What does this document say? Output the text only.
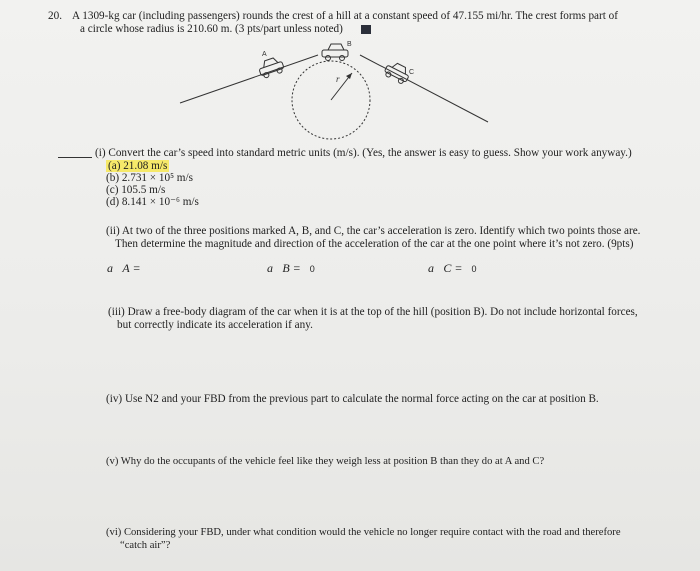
20. A 1309-kg car (including passengers) rounds the crest of a hill at a constant speed of 47.155 mi/hr. The crest forms part of
a circle whose radius is 210.60 m. (3 pts/part unless noted)
A
B
C
r
(i) Convert the car’s speed into standard metric units (m/s). (Yes, the answer is easy to guess. Show your work anyway.)
(a) 21.08 m/s
(b) 2.731 × 10⁵ m/s
(c) 105.5 m/s
(d) 8.141 × 10⁻⁶ m/s
(ii) At two of the three positions marked A, B, and C, the car’s acceleration is zero. Identify which two points those are.
Then determine the magnitude and direction of the acceleration of the car at the one point where it’s not zero. (9pts)
a⃗A =	a⃗B = 0	a⃗C = 0
(iii) Draw a free-body diagram of the car when it is at the top of the hill (position B). Do not include horizontal forces,
but correctly indicate its acceleration if any.
(iv) Use N2 and your FBD from the previous part to calculate the normal force acting on the car at position B.
(v) Why do the occupants of the vehicle feel like they weigh less at position B than they do at A and C?
(vi) Considering your FBD, under what condition would the vehicle no longer require contact with the road and therefore
“catch air”?
